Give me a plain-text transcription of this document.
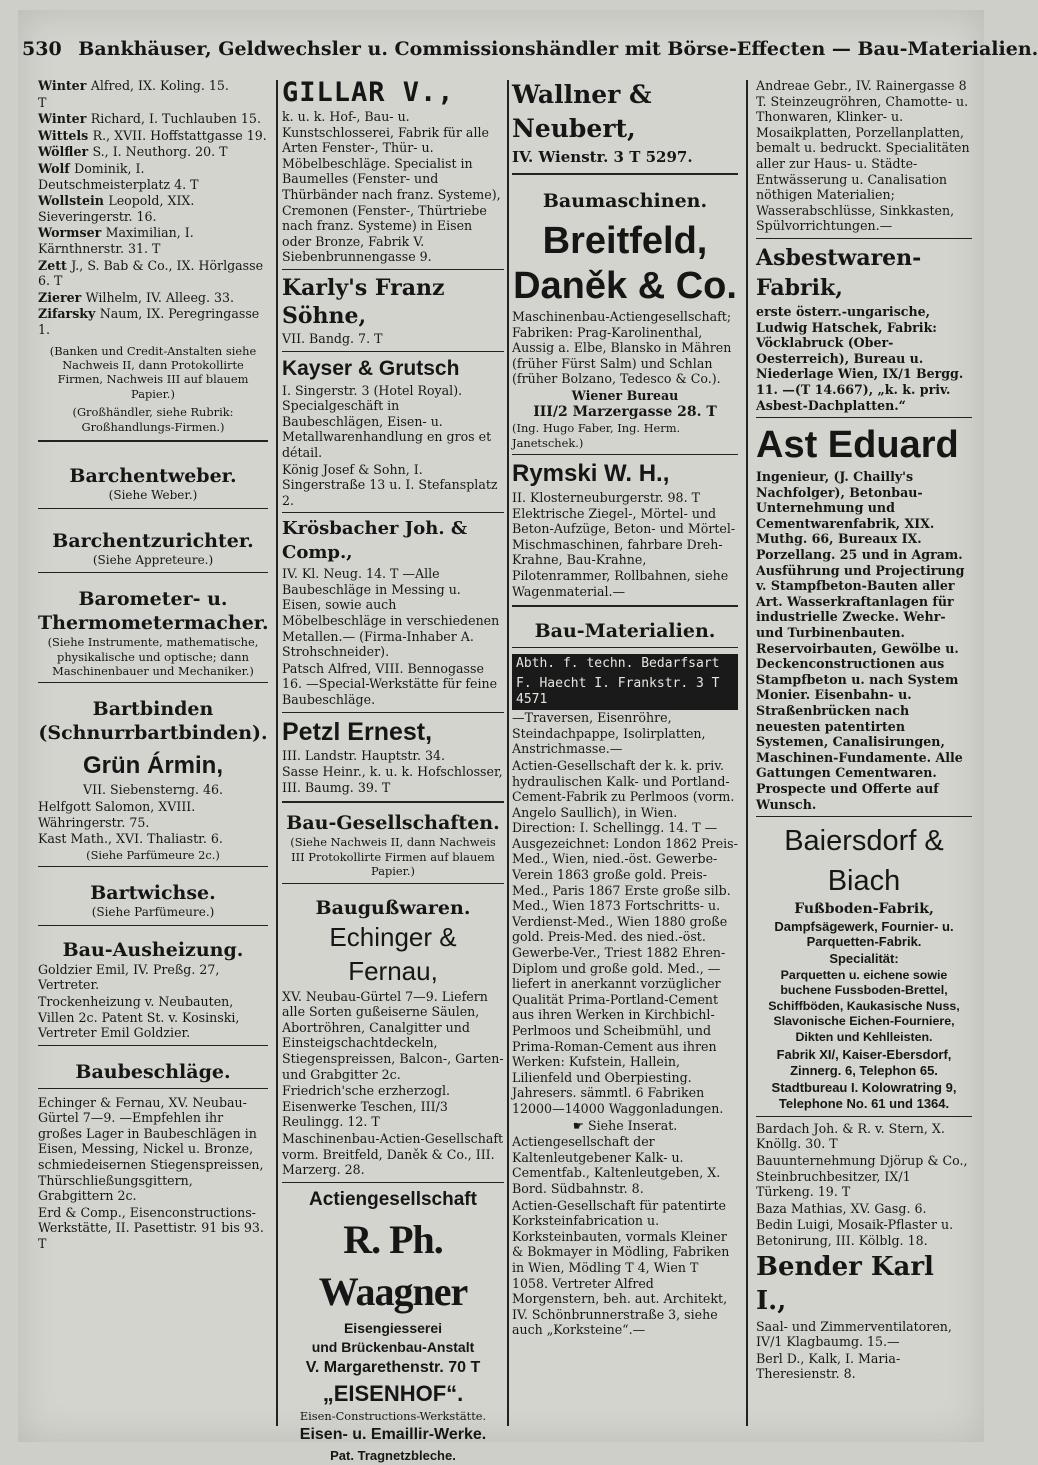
530 Bankhäuser, Geldwechsler u. Commissionshändler mit Börse-Effecten — Bau-Materialien.
Winter Alfred, IX. Koling. 15.
T
Winter Richard, I. Tuchlauben 15.
Wittels R., XVII. Hoffstattgasse 19.
Wölfler S., I. Neuthorg. 20. T
Wolf Dominik, I. Deutschmeisterplatz 4. T
Wollstein Leopold, XIX. Sieveringerstr. 16.
Wormser Maximilian, I. Kärnthnerstr. 31. T
Zett J., S. Bab & Co., IX. Hörlgasse 6. T
Zierer Wilhelm, IV. Alleeg. 33.
Zifarsky Naum, IX. Peregringasse 1.
(Banken und Credit-Anstalten siehe Nachweis II, dann Protokollirte Firmen, Nachweis III auf blauem Papier.)
(Großhändler, siehe Rubrik: Großhandlungs-Firmen.)
Barchentweber.
(Siehe Weber.)
Barchentzurichter.
(Siehe Appreteure.)
Barometer- u. Thermometermacher.
(Siehe Instrumente, mathematische, physikalische und optische; dann Maschinenbauer und Mechaniker.)
Bartbinden (Schnurrbartbinden).
Grün Ármin,
VII. Siebensterng. 46.
Helfgott Salomon, XVIII. Währingerstr. 75.
Kast Math., XVI. Thaliastr. 6.
(Siehe Parfümeure 2c.)
Bartwichse.
(Siehe Parfümeure.)
Bau-Ausheizung.
Goldzier Emil, IV. Preßg. 27, Vertreter.
Trockenheizung v. Neubauten, Villen 2c. Patent St. v. Kosinski, Vertreter Emil Goldzier.
Baubeschläge.
Echinger & Fernau, XV. Neubau-Gürtel 7—9. —Empfehlen ihr großes Lager in Baubeschlägen in Eisen, Messing, Nickel u. Bronze, schmiedeisernen Stiegenspreissen, Thürschließungsgittern, Grabgittern 2c.
Erd & Comp., Eisenconstructions-Werkstätte, II. Pasettistr. 91 bis 93. T
GILLAR V.,
k. u. k. Hof-, Bau- u. Kunstschlosserei, Fabrik für alle Arten Fenster-, Thür- u. Möbelbeschläge. Specialist in Baumelles (Fenster- und Thürbänder nach franz. Systeme), Cremonen (Fenster-, Thürtriebe nach franz. Systeme) in Eisen oder Bronze, Fabrik V. Siebenbrunnengasse 9.
Karly's Franz Söhne,
VII. Bandg. 7. T
Kayser & Grutsch
I. Singerstr. 3 (Hotel Royal). Specialgeschäft in Baubeschlägen, Eisen- u. Metallwarenhandlung en gros et détail.
König Josef & Sohn, I. Singerstraße 13 u. I. Stefansplatz 2.
Krösbacher Joh. & Comp.,
IV. Kl. Neug. 14. T —Alle Baubeschläge in Messing u. Eisen, sowie auch Möbelbeschläge in verschiedenen Metallen.— (Firma-Inhaber A. Strohschneider).
Patsch Alfred, VIII. Bennogasse 16. —Special-Werkstätte für feine Baubeschläge.
Petzl Ernest,
III. Landstr. Hauptstr. 34.
Sasse Heinr., k. u. k. Hofschlosser, III. Baumg. 39. T
Bau-Gesellschaften.
(Siehe Nachweis II, dann Nachweis III Protokollirte Firmen auf blauem Papier.)
Baugußwaren.
Echinger & Fernau,
XV. Neubau-Gürtel 7—9. Liefern alle Sorten gußeiserne Säulen, Abortröhren, Canalgitter und Einsteigschachtdeckeln, Stiegenspreissen, Balcon-, Garten- und Grabgitter 2c.
Friedrich'sche erzherzogl. Eisenwerke Teschen, III/3 Reulingg. 12. T
Maschinenbau-Actien-Gesellschaft vorm. Breitfeld, Daněk & Co., III. Marzerg. 28.
Actiengesellschaft
R. Ph. Waagner
Eisengiesserei
und Brückenbau-Anstalt
V. Margarethenstr. 70 T
„EISENHOF“.
Eisen-Constructions-Werkstätte.
Eisen- u. Emaillir-Werke.
Pat. Tragnetzbleche.
Wallner & Neubert,
IV. Wienstr. 3 T 5297.
Baumaschinen.
Breitfeld,
Daněk & Co.
Maschinenbau-Actiengesellschaft; Fabriken: Prag-Karolinenthal, Aussig a. Elbe, Blansko in Mähren (früher Fürst Salm) und Schlan (früher Bolzano, Tedesco & Co.).
Wiener Bureau
III/2 Marzergasse 28. T
(Ing. Hugo Faber, Ing. Herm. Janetschek.)
Rymski W. H.,
II. Klosterneuburgerstr. 98. T Elektrische Ziegel-, Mörtel- und Beton-Aufzüge, Beton- und Mörtel-Mischmaschinen, fahrbare Dreh-Krahne, Bau-Krahne, Pilotenrammer, Rollbahnen, siehe Wagenmaterial.—
Bau-Materialien.
Abth. f. techn. Bedarfsart
F. Haecht I. Frankstr. 3 T 4571
—Traversen, Eisenröhre, Steindachpappe, Isolirplatten, Anstrichmasse.—
Actien-Gesellschaft der k. k. priv. hydraulischen Kalk- und Portland-Cement-Fabrik zu Perlmoos (vorm. Angelo Saullich), in Wien. Direction: I. Schellingg. 14. T —Ausgezeichnet: London 1862 Preis-Med., Wien, nied.-öst. Gewerbe-Verein 1863 große gold. Preis-Med., Paris 1867 Erste große silb. Med., Wien 1873 Fortschritts- u. Verdienst-Med., Wien 1880 große gold. Preis-Med. des nied.-öst. Gewerbe-Ver., Triest 1882 Ehren-Diplom und große gold. Med., — liefert in anerkannt vorzüglicher Qualität Prima-Portland-Cement aus ihren Werken in Kirchbichl-Perlmoos und Scheibmühl, und Prima-Roman-Cement aus ihren Werken: Kufstein, Hallein, Lilienfeld und Oberpiesting. Jahresers. sämmtl. 6 Fabriken 12000—14000 Waggonladungen.
☛ Siehe Inserat.
Actiengesellschaft der Kaltenleutgebener Kalk- u. Cementfab., Kaltenleutgeben, X. Bord. Südbahnstr. 8.
Actien-Gesellschaft für patentirte Korksteinfabrication u. Korksteinbauten, vormals Kleiner & Bokmayer in Mödling, Fabriken in Wien, Mödling T 4, Wien T 1058. Vertreter Alfred Morgenstern, beh. aut. Architekt, IV. Schönbrunnerstraße 3, siehe auch „Korksteine“.—
Andreae Gebr., IV. Rainergasse 8 T. Steinzeugröhren, Chamotte- u. Thonwaren, Klinker- u. Mosaikplatten, Porzellanplatten, bemalt u. bedruckt. Specialitäten aller zur Haus- u. Städte-Entwässerung u. Canalisation nöthigen Materialien; Wasserabschlüsse, Sinkkasten, Spülvorrichtungen.—
Asbestwaren-Fabrik,
erste österr.-ungarische, Ludwig Hatschek, Fabrik: Vöcklabruck (Ober-Oesterreich), Bureau u. Niederlage Wien, IX/1 Bergg. 11. —(T 14.667), „k. k. priv. Asbest-Dachplatten.“
Ast Eduard
Ingenieur, (J. Chailly's Nachfolger), Betonbau-Unternehmung und Cementwarenfabrik, XIX. Muthg. 66, Bureaux IX. Porzellang. 25 und in Agram. Ausführung und Projectirung v. Stampfbeton-Bauten aller Art. Wasserkraftanlagen für industrielle Zwecke. Wehr- und Turbinenbauten. Reservoirbauten, Gewölbe u. Deckenconstructionen aus Stampfbeton u. nach System Monier. Eisenbahn- u. Straßenbrücken nach neuesten patentirten Systemen, Canalisirungen, Maschinen-Fundamente. Alle Gattungen Cementwaren. Prospecte und Offerte auf Wunsch.
Baiersdorf & Biach
Fußboden-Fabrik,
Dampfsägewerk, Fournier- u. Parquetten-Fabrik.
Specialität:
Parquetten u. eichene sowie buchene Fussboden-Brettel, Schiffböden, Kaukasische Nuss, Slavonische Eichen-Fourniere, Dikten und Kehlleisten.
Fabrik XI/, Kaiser-Ebersdorf,
Zinnerg. 6, Telephon 65.
Stadtbureau I. Kolowratring 9,
Telephone No. 61 und 1364.
Bardach Joh. & R. v. Stern, X. Knöllg. 30. T
Bauunternehmung Djörup & Co., Steinbruchbesitzer, IX/1 Türkeng. 19. T
Baza Mathias, XV. Gasg. 6.
Bedin Luigi, Mosaik-Pflaster u. Betonirung, III. Kölblg. 18.
Bender Karl I.,
Saal- und Zimmerventilatoren, IV/1 Klagbaumg. 15.—
Berl D., Kalk, I. Maria-Theresienstr. 8.
